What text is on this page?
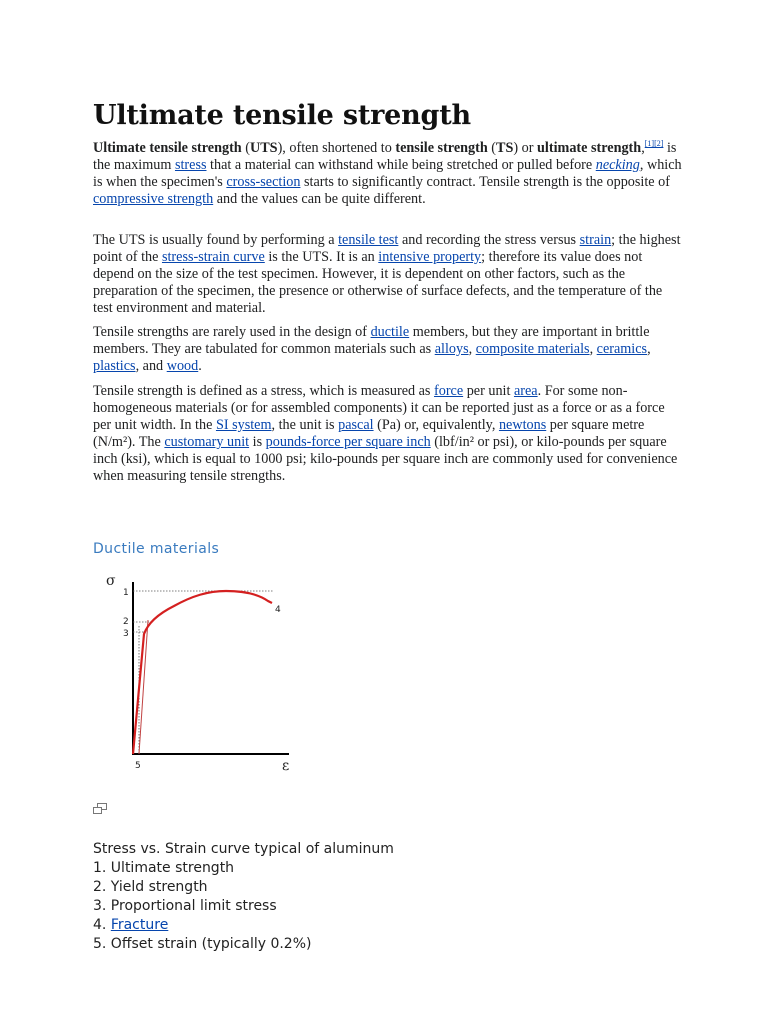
Ultimate tensile strength

Ultimate tensile strength (UTS), often shortened to tensile strength (TS) or ultimate strength,[1][2] is the maximum stress that a material can withstand while being stretched or pulled before necking, which is when the specimen's cross-section starts to significantly contract. Tensile strength is the opposite of compressive strength and the values can be quite different.

The UTS is usually found by performing a tensile test and recording the stress versus strain; the highest point of the stress-strain curve is the UTS. It is an intensive property; therefore its value does not depend on the size of the test specimen. However, it is dependent on other factors, such as the preparation of the specimen, the presence or otherwise of surface defects, and the temperature of the test environment and material.

Tensile strengths are rarely used in the design of ductile members, but they are important in brittle members. They are tabulated for common materials such as alloys, composite materials, ceramics, plastics, and wood.

Tensile strength is defined as a stress, which is measured as force per unit area. For some non-homogeneous materials (or for assembled components) it can be reported just as a force or as a force per unit width. In the SI system, the unit is pascal (Pa) or, equivalently, newtons per square metre (N/m²). The customary unit is pounds-force per square inch (lbf/in² or psi), or kilo-pounds per square inch (ksi), which is equal to 1000 psi; kilo-pounds per square inch are commonly used for convenience when measuring tensile strengths.

Ductile materials
σ
ε
1
2
3
4
5
Stress vs. Strain curve typical of aluminum
1. Ultimate strength
2. Yield strength
3. Proportional limit stress
4. Fracture
5. Offset strain (typically 0.2%)
